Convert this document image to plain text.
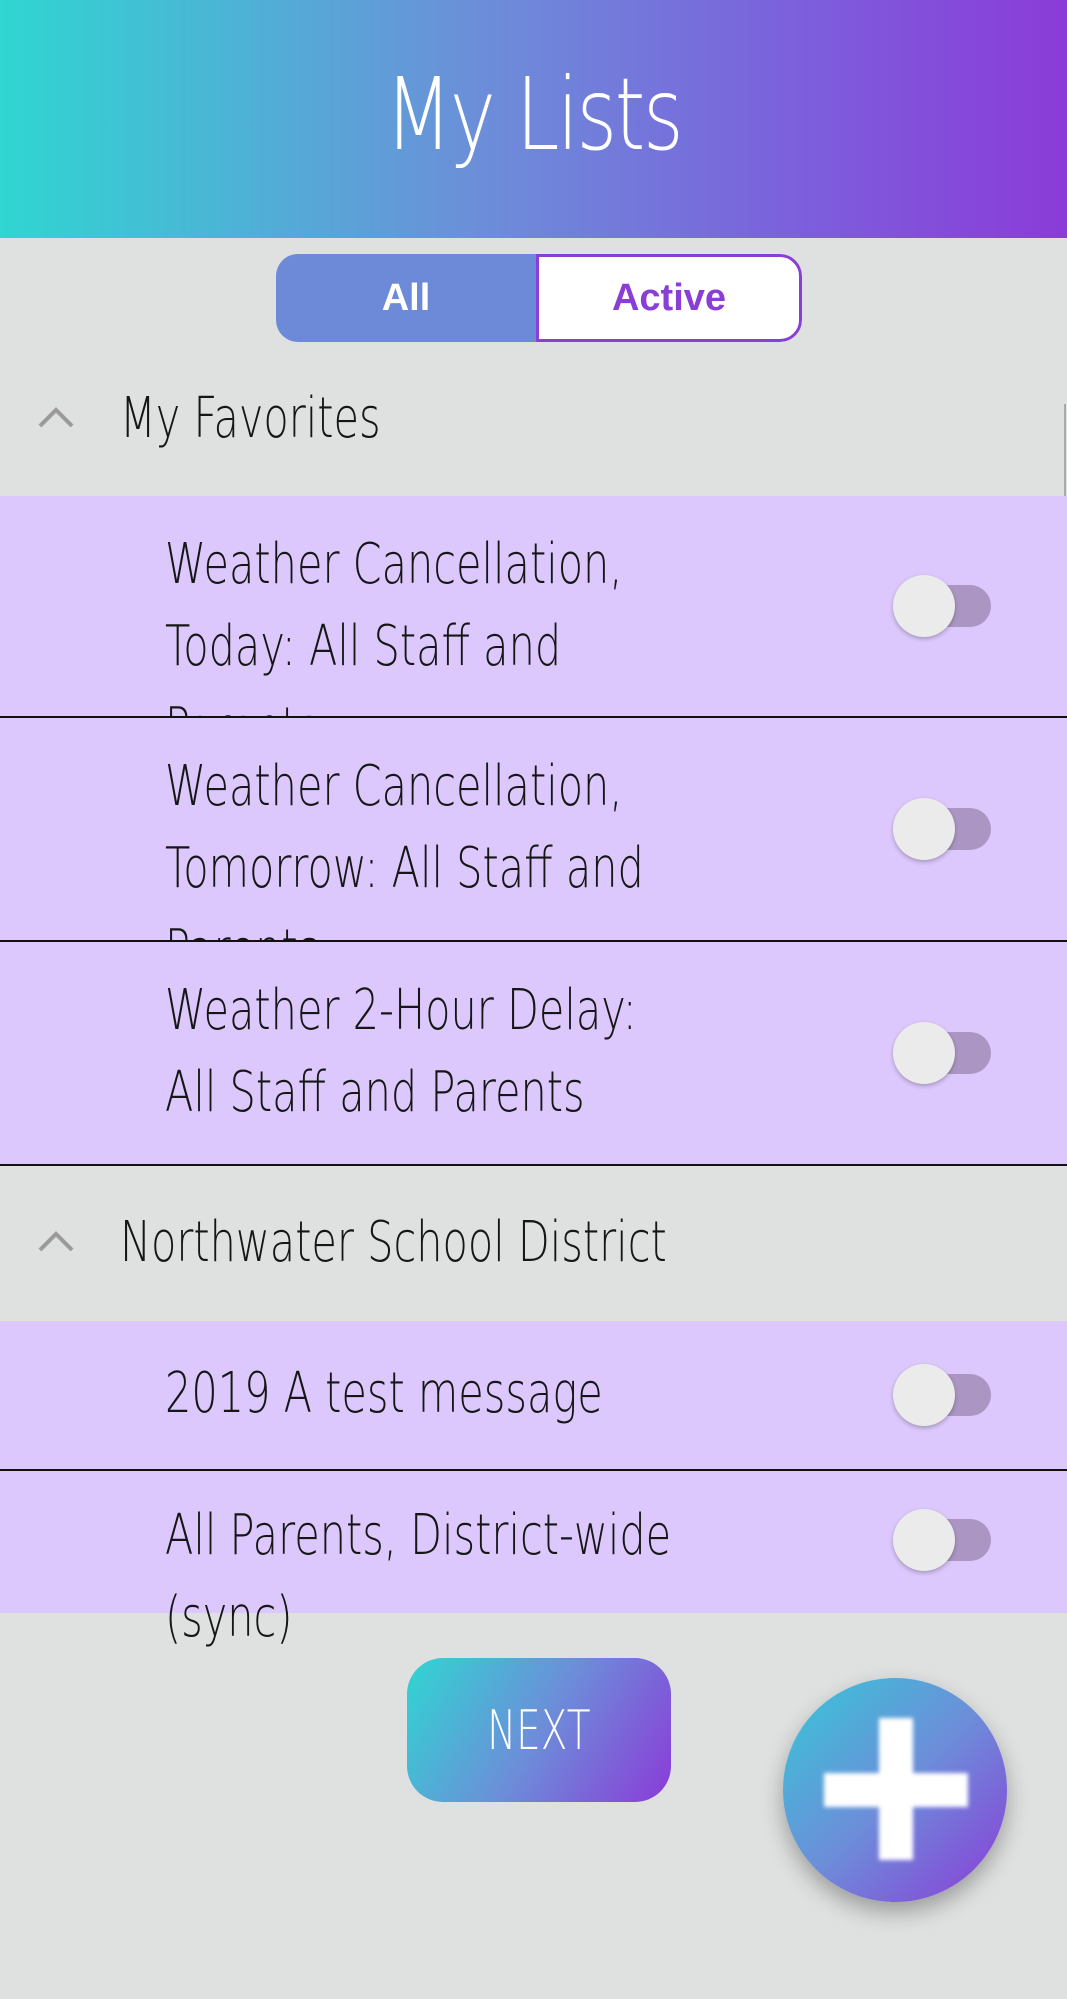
My Lists
All	Active
My Favorites
Weather Cancellation, Today: All Staff and
Weather Cancellation, Tomorrow: All Staff and
Weather 2-Hour Delay: All Staff and Parents
Northwater School District
2019 A test message
All Parents, District-wide (sync)
NEXT
